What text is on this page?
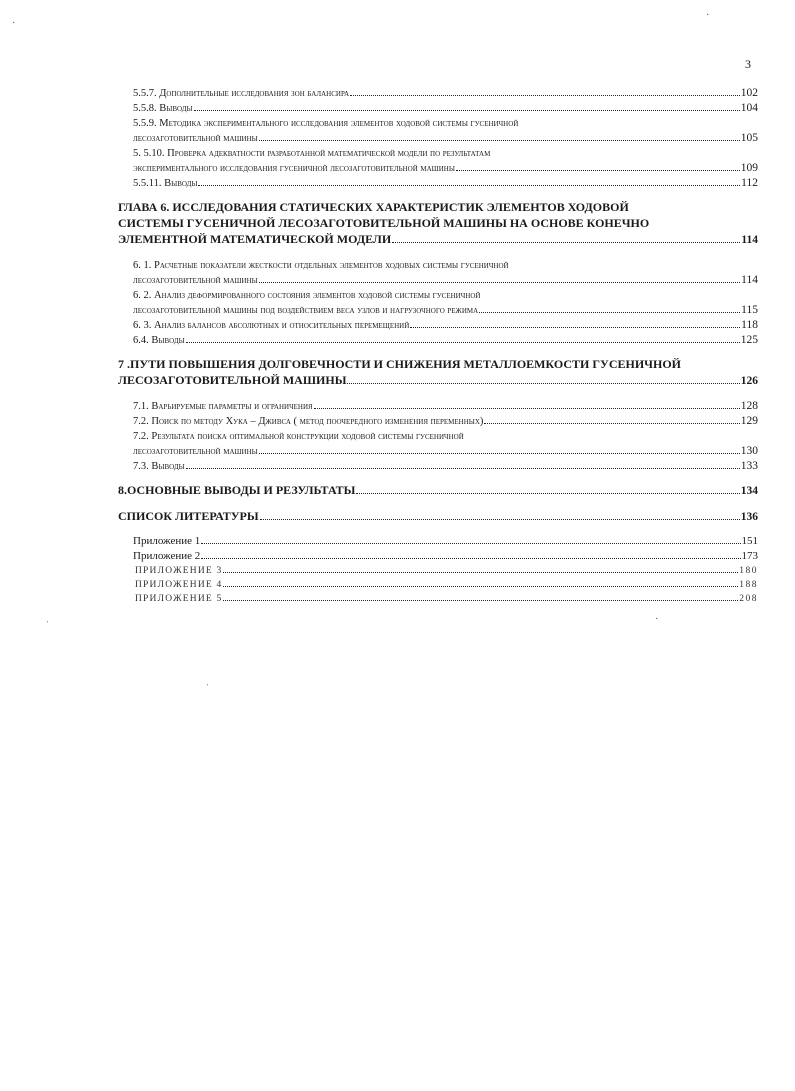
3
5.5.7. Дополнительные исследования зон балансира	102
5.5.8. Выводы	104
5.5.9. Методика экспериментального исследования элементов ходовой системы гусеничной
лесозаготовительной машины	105
5. 5.10. Проверка адекватности разработанной математической модели по результатам
экспериментального исследования гусеничной лесозаготовительной машины	109
5.5.11. Выводы	112
ГЛАВА 6. ИССЛЕДОВАНИЯ СТАТИЧЕСКИХ ХАРАКТЕРИСТИК ЭЛЕМЕНТОВ ХОДОВОЙ
СИСТЕМЫ ГУСЕНИЧНОЙ ЛЕСОЗАГОТОВИТЕЛЬНОЙ МАШИНЫ НА ОСНОВЕ КОНЕЧНО
ЭЛЕМЕНТНОЙ МАТЕМАТИЧЕСКОЙ МОДЕЛИ	114
6. 1. Расчетные показатели жесткости отдельных элементов ходовых системы гусеничной
лесозаготовительной машины	114
6. 2. Анализ деформированного состояния элементов ходовой системы гусеничной
лесозаготовительной машины под воздействием веса узлов и нагрузочного режима	115
6. 3. Анализ балансов абсолютных и относительных перемещений	118
6.4. Выводы	125
7 .ПУТИ ПОВЫШЕНИЯ ДОЛГОВЕЧНОСТИ И СНИЖЕНИЯ МЕТАЛЛОЕМКОСТИ ГУСЕНИЧНОЙ
ЛЕСОЗАГОТОВИТЕЛЬНОЙ МАШИНЫ	126
7.1. Варьируемые параметры и ограничения	128
7.2. Поиск по методу Хука – Дживса ( метод поочередного изменения переменных)	129
7.2. Результата поиска оптимальной конструкции ходовой системы гусеничной
лесозаготовительной машины	130
7.3. Выводы	133
8.ОСНОВНЫЕ ВЫВОДЫ И РЕЗУЛЬТАТЫ	134
СПИСОК ЛИТЕРАТУРЫ	136
Приложение 1	151
Приложение 2	173
ПРИЛОЖЕНИЕ 3	180
ПРИЛОЖЕНИЕ 4	188
ПРИЛОЖЕНИЕ 5	208
·
·
ˌ
ˌ
·
